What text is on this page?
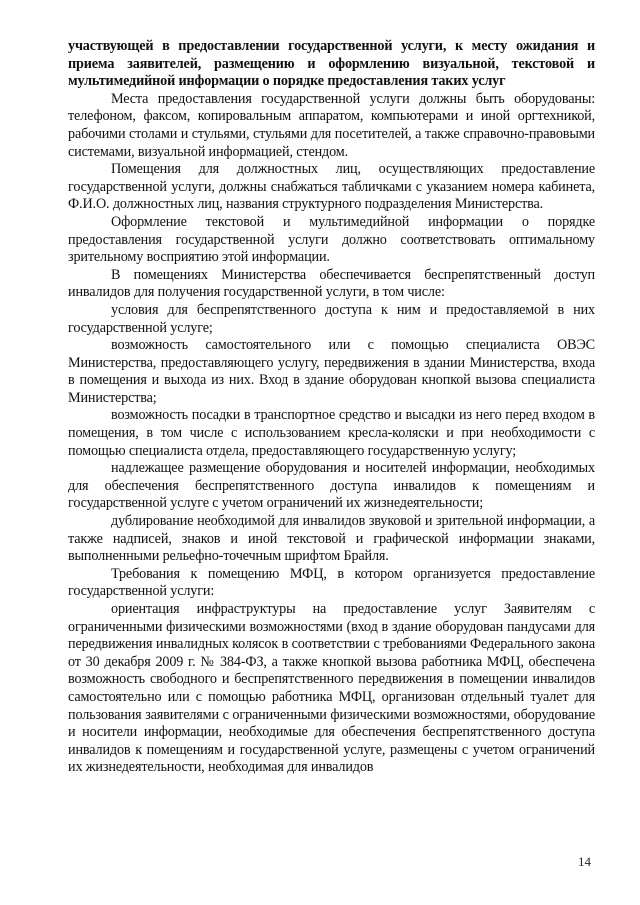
участвующей в предоставлении государственной услуги, к месту ожидания и приема заявителей, размещению и оформлению визуальной, текстовой и мультимедийной информации о порядке предоставления таких услуг

Места предоставления государственной услуги должны быть оборудованы: телефоном, факсом, копировальным аппаратом, компьютерами и иной оргтехникой, рабочими столами и стульями, стульями для посетителей, а также справочно-правовыми системами, визуальной информацией, стендом.

Помещения для должностных лиц, осуществляющих предоставление государственной услуги, должны снабжаться табличками с указанием номера кабинета, Ф.И.О. должностных лиц, названия структурного подразделения Министерства.

Оформление текстовой и мультимедийной информации о порядке предоставления государственной услуги должно соответствовать оптимальному зрительному восприятию этой информации.

В помещениях Министерства обеспечивается беспрепятственный доступ инвалидов для получения государственной услуги, в том числе:

условия для беспрепятственного доступа к ним и предоставляемой в них государственной услуге;

возможность самостоятельного или с помощью специалиста ОВЭС Министерства, предоставляющего услугу, передвижения в здании Министерства, входа в помещения и выхода из них. Вход в здание оборудован кнопкой вызова специалиста Министерства;

возможность посадки в транспортное средство и высадки из него перед входом в помещения, в том числе с использованием кресла-коляски и при необходимости с помощью специалиста отдела, предоставляющего государственную услугу;

надлежащее размещение оборудования и носителей информации, необходимых для обеспечения беспрепятственного доступа инвалидов к помещениям и государственной услуге с учетом ограничений их жизнедеятельности;

дублирование необходимой для инвалидов звуковой и зрительной информации, а также надписей, знаков и иной текстовой и графической информации знаками, выполненными рельефно-точечным шрифтом Брайля.

Требования к помещению МФЦ, в котором организуется предоставление государственной услуги:

ориентация инфраструктуры на предоставление услуг Заявителям с ограниченными физическими возможностями (вход в здание оборудован пандусами для передвижения инвалидных колясок в соответствии с требованиями Федерального закона от 30 декабря 2009 г. № 384-ФЗ, а также кнопкой вызова работника МФЦ, обеспечена возможность свободного и беспрепятственного передвижения в помещении инвалидов самостоятельно или с помощью работника МФЦ, организован отдельный туалет для пользования заявителями с ограниченными физическими возможностями, оборудование и носители информации, необходимые для обеспечения беспрепятственного доступа инвалидов к помещениям и государственной услуге, размещены с учетом ограничений их жизнедеятельности, необходимая для инвалидов

14
